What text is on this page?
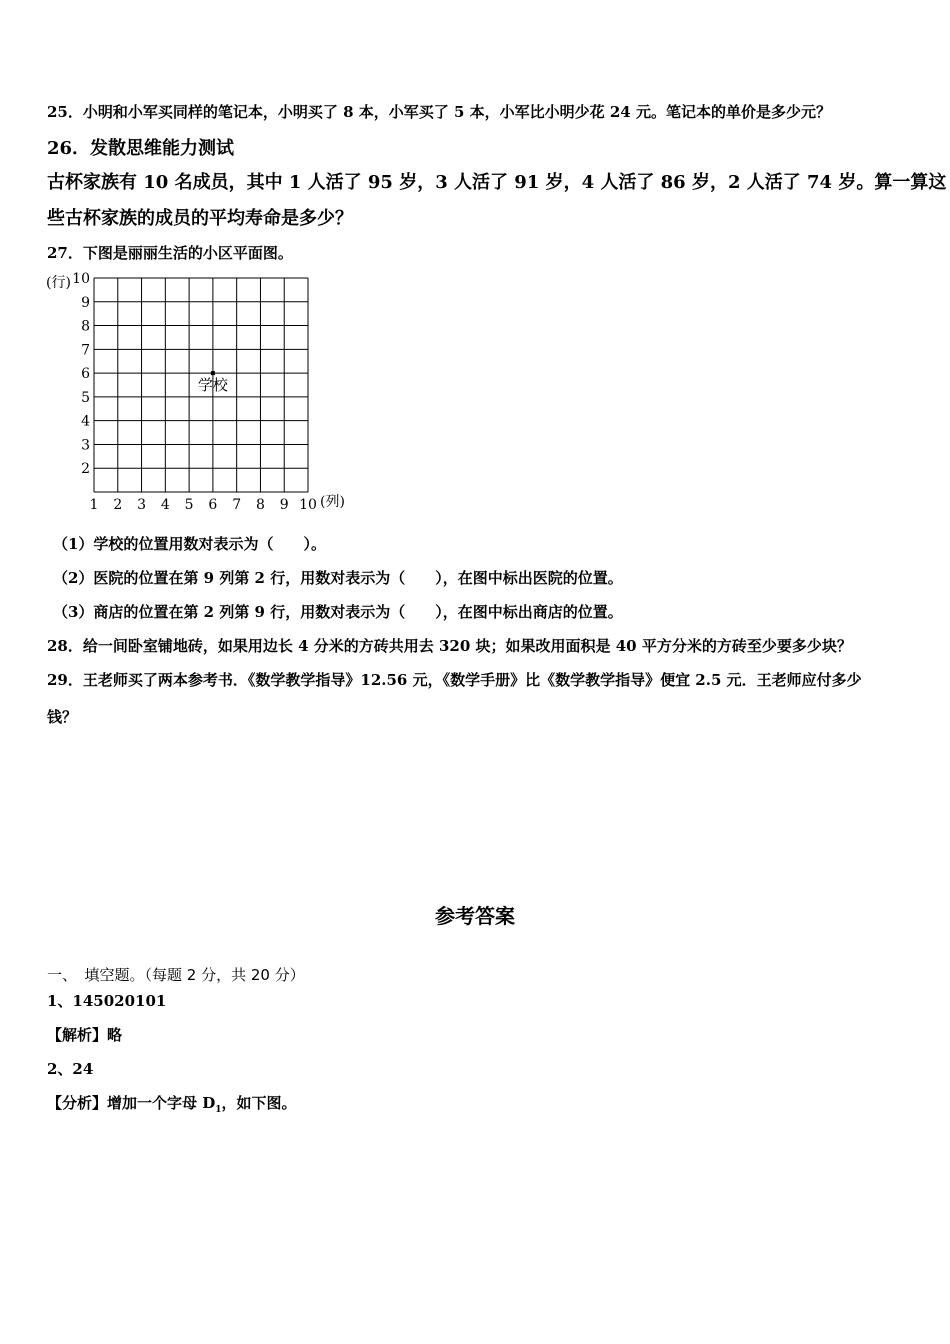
25．小明和小军买同样的笔记本，小明买了 8 本，小军买了 5 本，小军比小明少花 24 元。笔记本的单价是多少元？
26．发散思维能力测试
古杯家族有 10 名成员，其中 1 人活了 95 岁，3 人活了 91 岁，4 人活了 86 岁，2 人活了 74 岁。算一算这
些古杯家族的成员的平均寿命是多少？
27．下图是丽丽生活的小区平面图。
(行)
(列)
10
9
8
7
6
5
4
3
2
1 2 3 4 5 6 7 8 9 10
学校
（1）学校的位置用数对表示为（　　）。
（2）医院的位置在第 9 列第 2 行，用数对表示为（　　），在图中标出医院的位置。
（3）商店的位置在第 2 列第 9 行，用数对表示为（　　），在图中标出商店的位置。
28．给一间卧室铺地砖，如果用边长 4 分米的方砖共用去 320 块；如果改用面积是 40 平方分米的方砖至少要多少块？
29．王老师买了两本参考书．《数学教学指导》12.56 元，《数学手册》比《数学教学指导》便宜 2.5 元．王老师应付多少
钱？
参考答案
一、　填空题。（每题 2 分，共 20 分）
1、145020101
【解析】略
2、24
【分析】增加一个字母 $D_1$，如下图。
